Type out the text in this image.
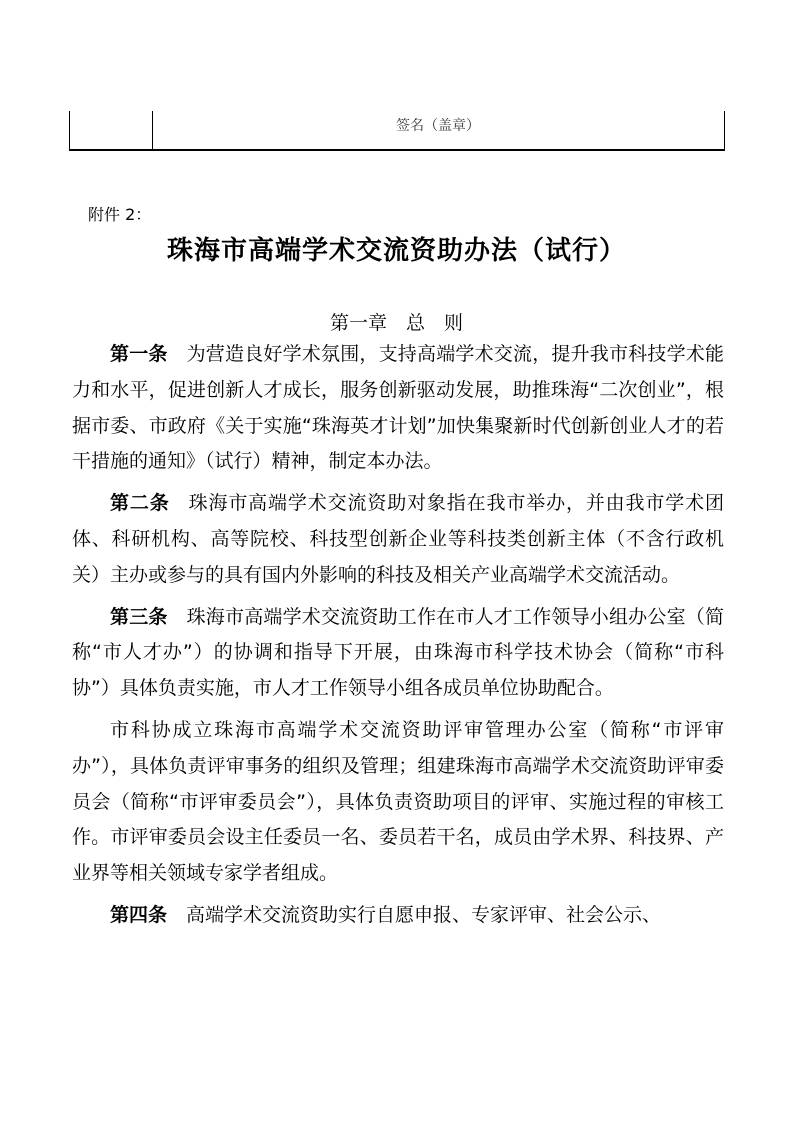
签名（盖章）
附件 2：
珠海市高端学术交流资助办法（试行）
第一章　总　则

第一条 为营造良好学术氛围，支持高端学术交流，提升我市科技学术能力和水平，促进创新人才成长，服务创新驱动发展，助推珠海“二次创业”，根据市委、市政府《关于实施“珠海英才计划”加快集聚新时代创新创业人才的若干措施的通知》（试行）精神，制定本办法。

第二条 珠海市高端学术交流资助对象指在我市举办，并由我市学术团体、科研机构、高等院校、科技型创新企业等科技类创新主体（不含行政机关）主办或参与的具有国内外影响的科技及相关产业高端学术交流活动。

第三条 珠海市高端学术交流资助工作在市人才工作领导小组办公室（简称“市人才办”）的协调和指导下开展，由珠海市科学技术协会（简称“市科协”）具体负责实施，市人才工作领导小组各成员单位协助配合。

市科协成立珠海市高端学术交流资助评审管理办公室（简称“市评审办”），具体负责评审事务的组织及管理；组建珠海市高端学术交流资助评审委员会（简称“市评审委员会”），具体负责资助项目的评审、实施过程的审核工作。市评审委员会设主任委员一名、委员若干名，成员由学术界、科技界、产业界等相关领域专家学者组成。

第四条 高端学术交流资助实行自愿申报、专家评审、社会公示、
